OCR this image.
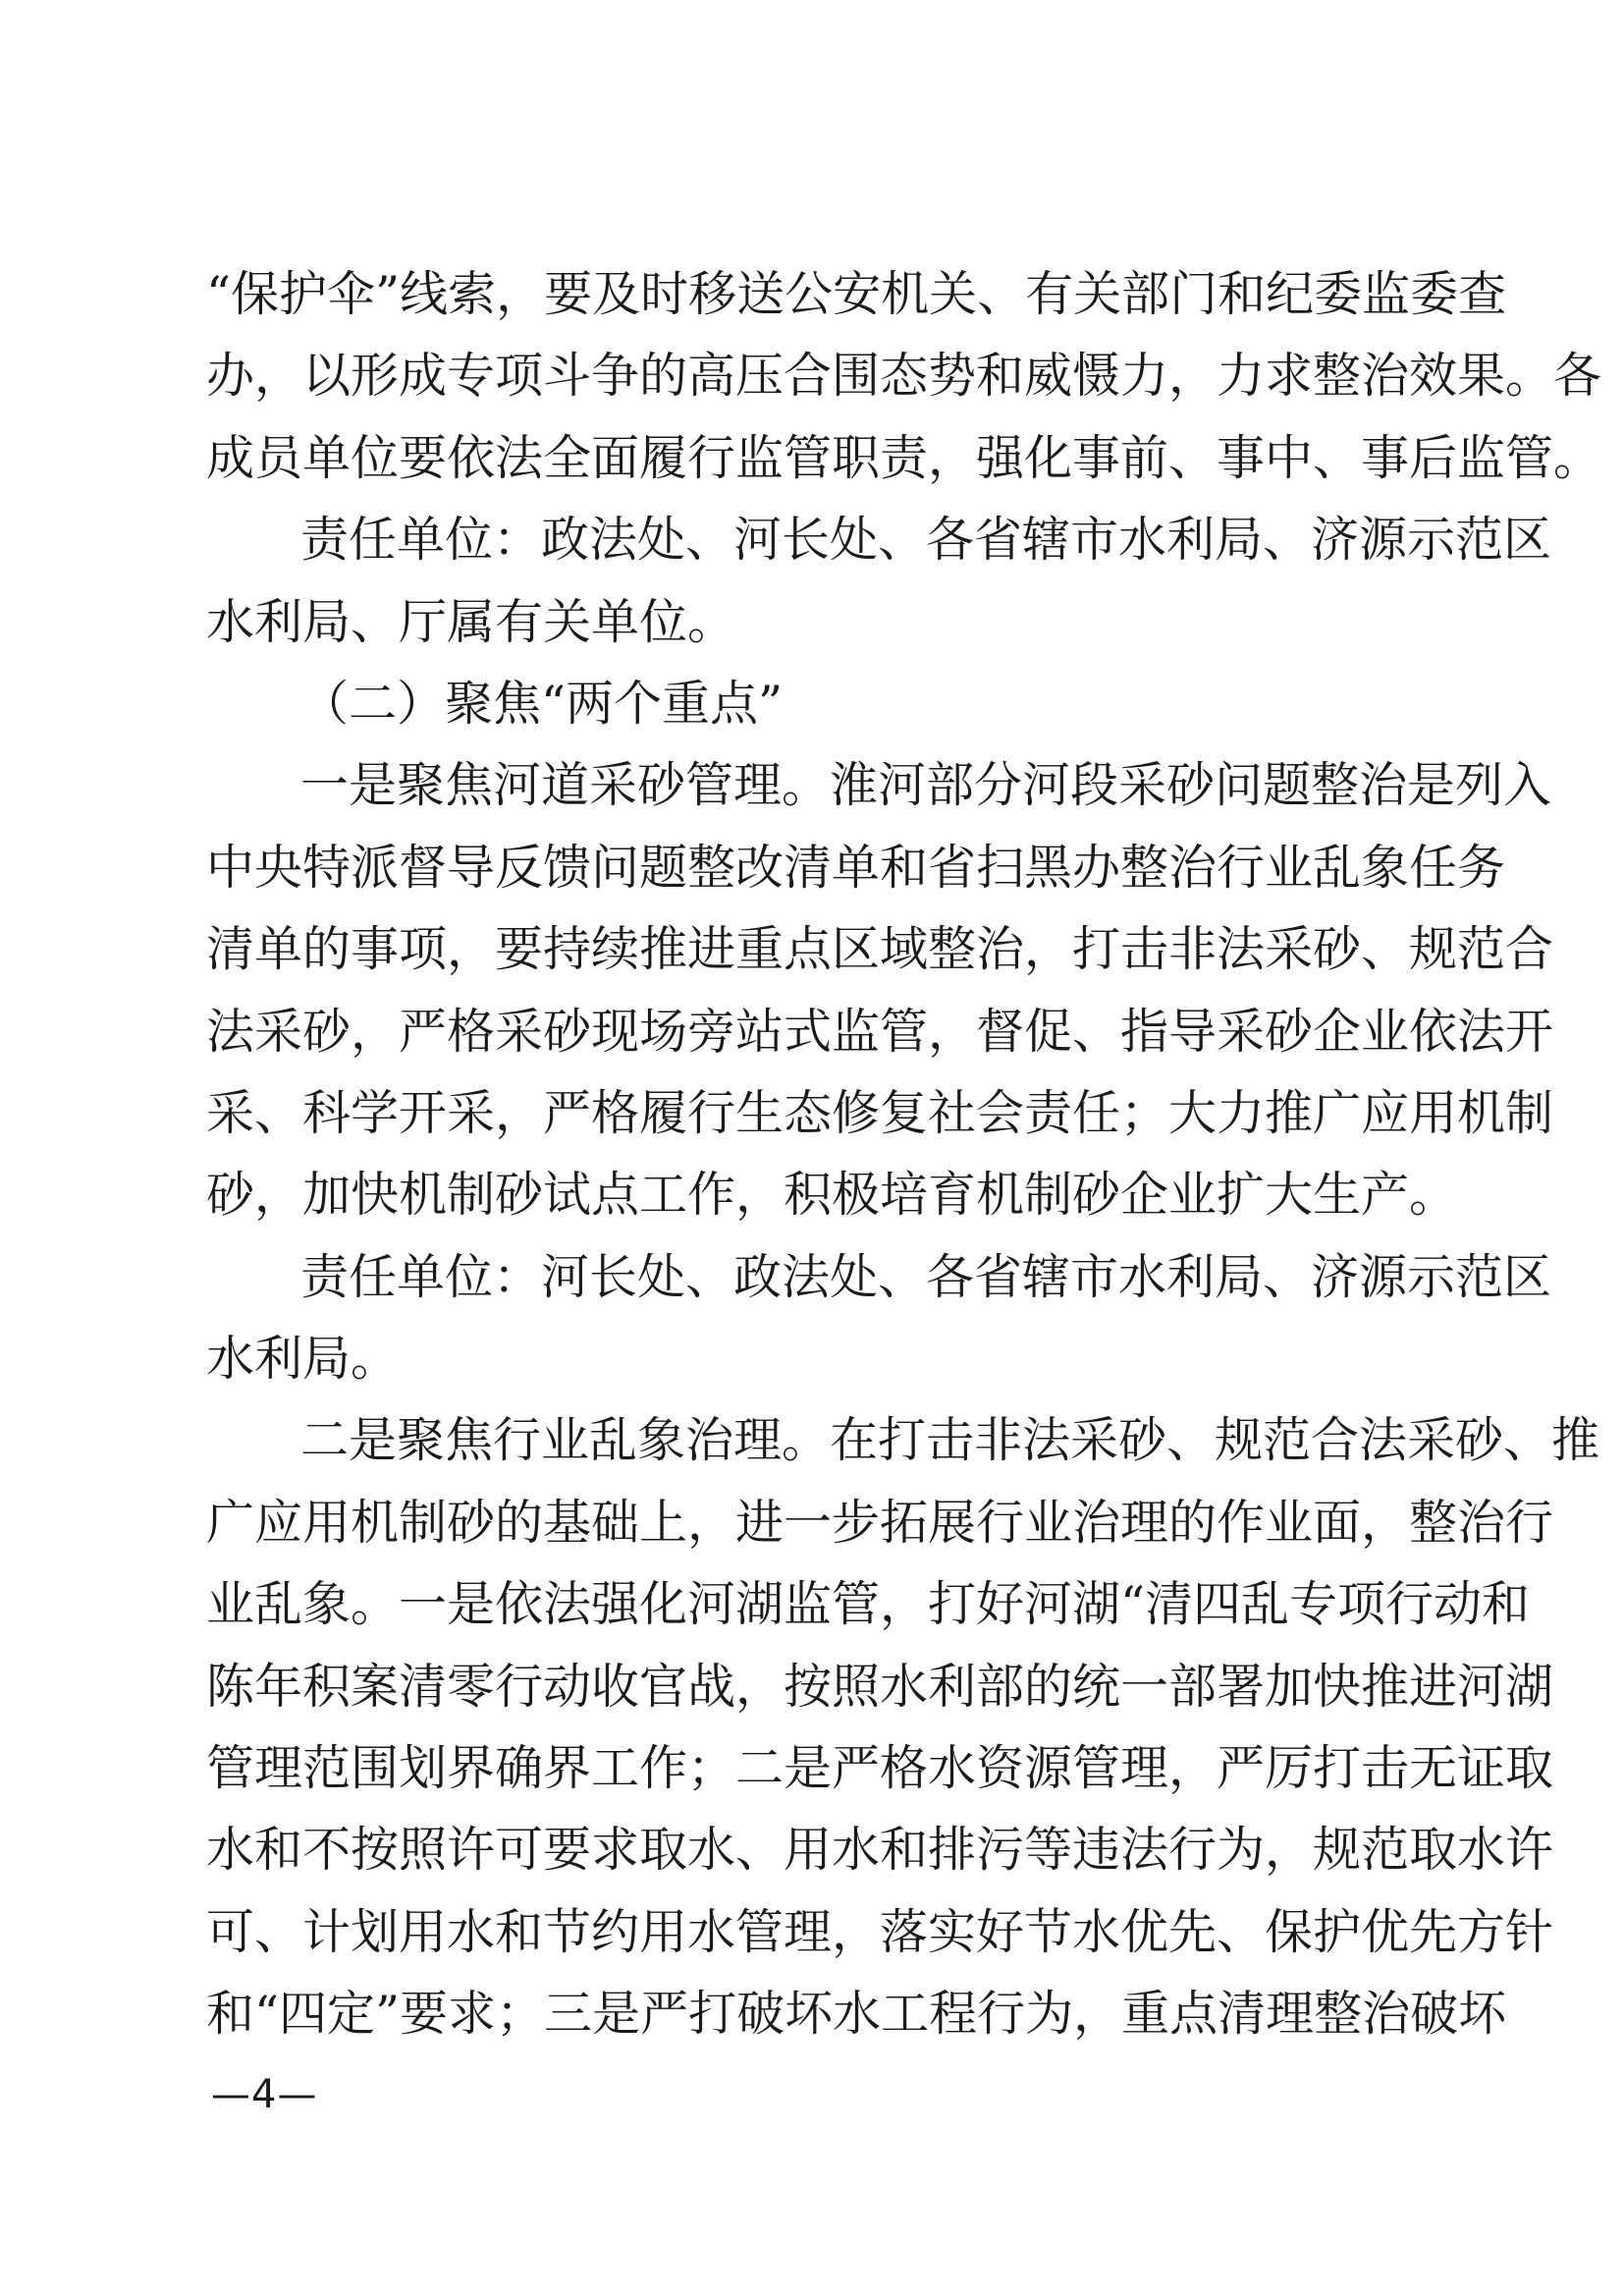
“保护伞”线索，要及时移送公安机关、有关部门和纪委监委查
办，以形成专项斗争的高压合围态势和威慑力，力求整治效果。各
成员单位要依法全面履行监管职责，强化事前、事中、事后监管。
责任单位：政法处、河长处、各省辖市水利局、济源示范区
水利局、厅属有关单位。
（二）聚焦“两个重点”
一是聚焦河道采砂管理。淮河部分河段采砂问题整治是列入
中央特派督导反馈问题整改清单和省扫黑办整治行业乱象任务
清单的事项，要持续推进重点区域整治，打击非法采砂、规范合
法采砂，严格采砂现场旁站式监管，督促、指导采砂企业依法开
采、科学开采，严格履行生态修复社会责任；大力推广应用机制
砂，加快机制砂试点工作，积极培育机制砂企业扩大生产。
责任单位：河长处、政法处、各省辖市水利局、济源示范区
水利局。
二是聚焦行业乱象治理。在打击非法采砂、规范合法采砂、推
广应用机制砂的基础上，进一步拓展行业治理的作业面，整治行
业乱象。一是依法强化河湖监管，打好河湖“清四乱专项行动和
陈年积案清零行动收官战，按照水利部的统一部署加快推进河湖
管理范围划界确界工作；二是严格水资源管理，严厉打击无证取
水和不按照许可要求取水、用水和排污等违法行为，规范取水许
可、计划用水和节约用水管理，落实好节水优先、保护优先方针
和“四定”要求；三是严打破坏水工程行为，重点清理整治破坏
—4—
